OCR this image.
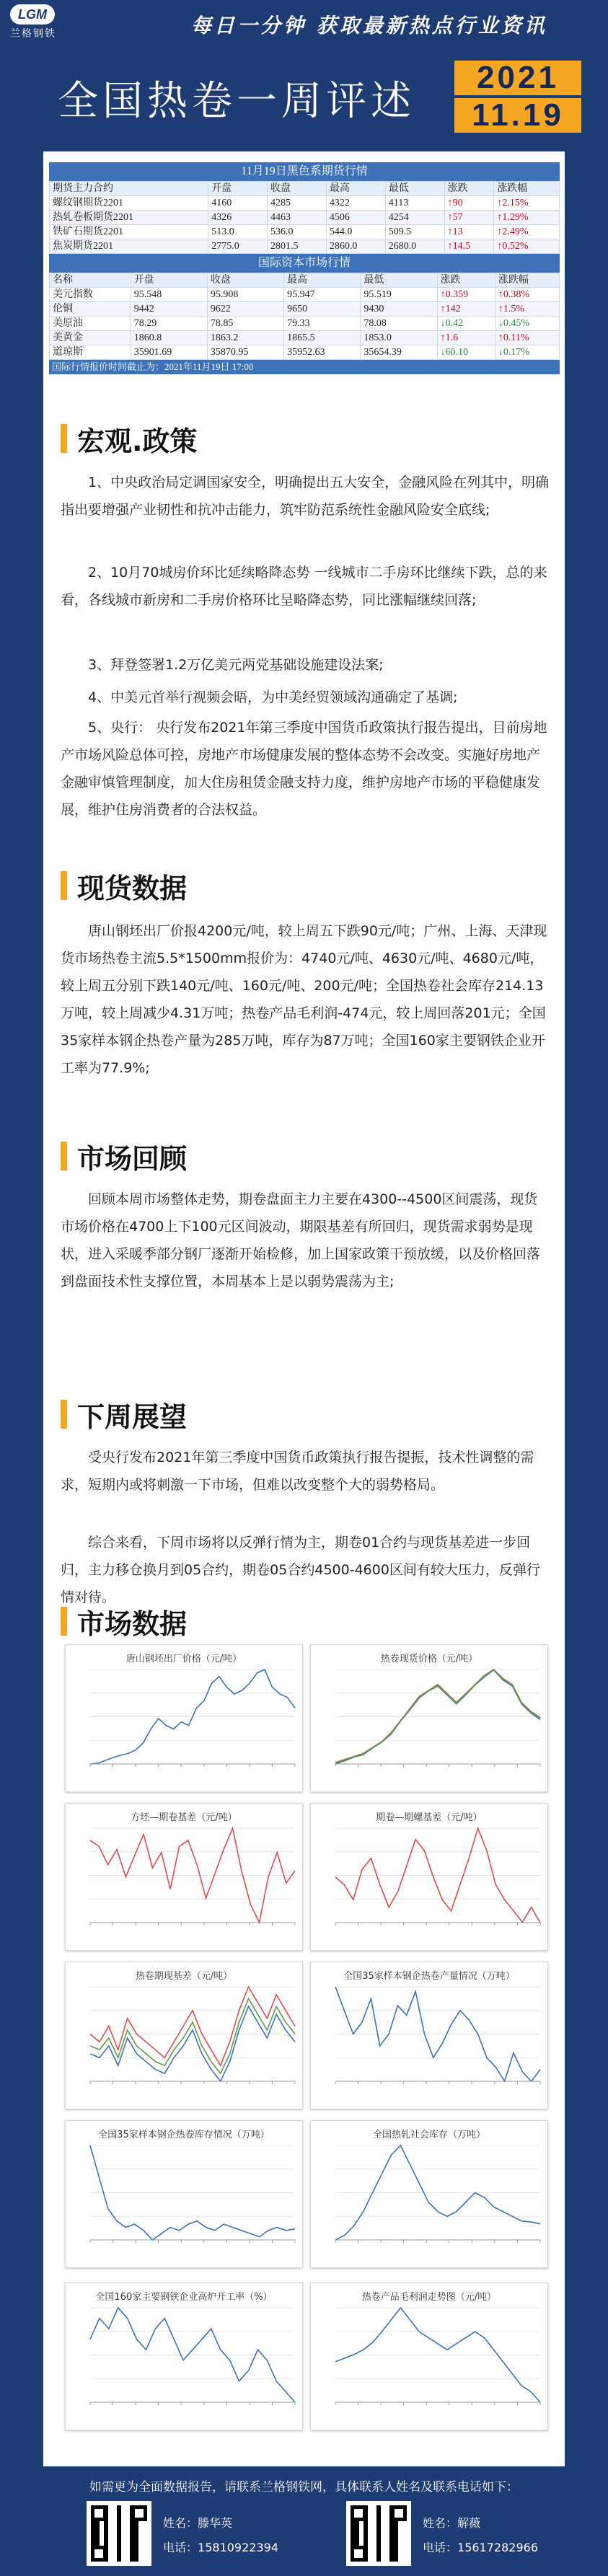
LGM
兰格钢铁	每日一分钟 获取最新热点行业资讯
全国热卷一周评述
2021
11.19
11月19日黑色系期货行情
期货主力合约	开盘	收盘	最高	最低	涨跌	涨跌幅
螺纹钢期货2201	4160	4285	4322	4113	↑90	↑2.15%
热轧卷板期货2201	4326	4463	4506	4254	↑57	↑1.29%
铁矿石期货2201	513.0	536.0	544.0	509.5	↑13	↑2.49%
焦炭期货2201	2775.0	2801.5	2860.0	2680.0	↑14.5	↑0.52%
国际资本市场行情
名称	开盘	收盘	最高	最低	涨跌	涨跌幅
美元指数	95.548	95.908	95.947	95.519	↑0.359	↑0.38%
伦铜	9442	9622	9650	9430	↑142	↑1.5%
美原油	78.29	78.85	79.33	78.08	↓0.42	↓0.45%
美黄金	1860.8	1863.2	1865.5	1853.0	↑1.6	↑0.11%
道琼斯	35901.69	35870.95	35952.63	35654.39	↓60.10	↓0.17%
国际行情报价时间截止为：2021年11月19日 17:00
宏观.政策
1、中央政治局定调国家安全，明确提出五大安全，金融风险在列其中，明确指出要增强产业韧性和抗冲击能力，筑牢防范系统性金融风险安全底线;
2、10月70城房价环比延续略降态势 一线城市二手房环比继续下跌，总的来看，各线城市新房和二手房价格环比呈略降态势，同比涨幅继续回落;
3、拜登签署1.2万亿美元两党基础设施建设法案;
4、中美元首举行视频会晤，为中美经贸领域沟通确定了基调;
5、央行： 央行发布2021年第三季度中国货币政策执行报告提出，目前房地产市场风险总体可控，房地产市场健康发展的整体态势不会改变。实施好房地产金融审慎管理制度，加大住房租赁金融支持力度，维护房地产市场的平稳健康发展，维护住房消费者的合法权益。
现货数据
唐山钢坯出厂价报4200元/吨，较上周五下跌90元/吨；广州、上海、天津现货市场热卷主流5.5*1500mm报价为：4740元/吨、4630元/吨、4680元/吨，较上周五分别下跌140元/吨、160元/吨、200元/吨；全国热卷社会库存214.13万吨，较上周减少4.31万吨；热卷产品毛利润-474元，较上周回落201元；全国35家样本钢企热卷产量为285万吨，库存为87万吨；全国160家主要钢铁企业开工率为77.9%;
市场回顾
回顾本周市场整体走势，期卷盘面主力主要在4300--4500区间震荡，现货市场价格在4700上下100元区间波动，期限基差有所回归，现货需求弱势是现状，进入采暖季部分钢厂逐渐开始检修，加上国家政策干预放缓，以及价格回落到盘面技术性支撑位置，本周基本上是以弱势震荡为主;
下周展望
受央行发布2021年第三季度中国货币政策执行报告提振，技术性调整的需求，短期内或将刺激一下市场，但难以改变整个大的弱势格局。
综合来看，下周市场将以反弹行情为主，期卷01合约与现货基差进一步回归，主力移仓换月到05合约，期卷05合约4500-4600区间有较大压力，反弹行情对待。
市场数据
唐山钢坯出厂价格（元/吨）	热卷现货价格（元/吨）
方坯—期卷基差（元/吨）	期卷—期螺基差（元/吨）
热卷期现基差（元/吨）	全国35家样本钢企热卷产量情况（万吨）
全国35家样本钢企热卷库存情况（万吨）	全国热轧社会库存（万吨）
全国160家主要钢铁企业高炉开工率（%）	热卷产品毛利润走势图（元/吨）
如需更为全面数据报告，请联系兰格钢铁网，具体联系人姓名及联系电话如下：
姓名：滕华英
电话：15810922394
姓名：解薇
电话：15617282966
